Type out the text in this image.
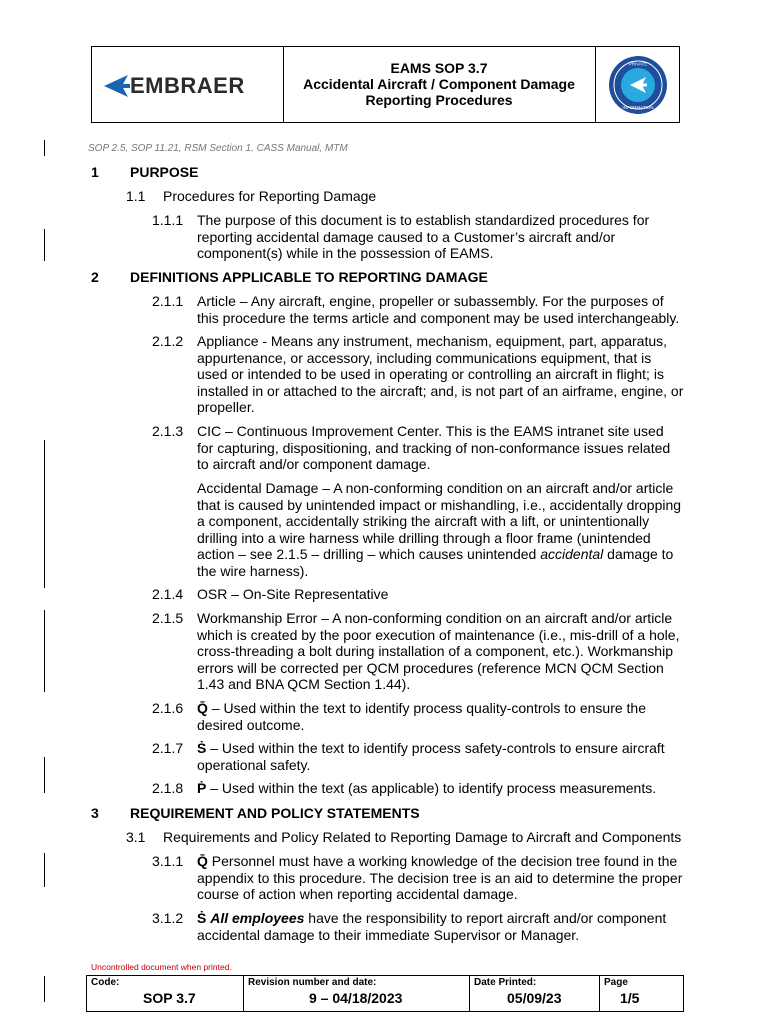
EMBRAER
EAMS SOP 3.7
Accidental Aircraft / Component Damage
Reporting Procedures
PRIVATE
INFORMATION
SOP 2.5, SOP 11.21, RSM Section 1, CASS Manual, MTM
1 PURPOSE
1.1 Procedures for Reporting Damage
1.1.1 The purpose of this document is to establish standardized procedures for
reporting accidental damage caused to a Customer’s aircraft and/or
component(s) while in the possession of EAMS.
2 DEFINITIONS APPLICABLE TO REPORTING DAMAGE
2.1.1 Article – Any aircraft, engine, propeller or subassembly. For the purposes of
this procedure the terms article and component may be used interchangeably.
2.1.2 Appliance - Means any instrument, mechanism, equipment, part, apparatus,
appurtenance, or accessory, including communications equipment, that is
used or intended to be used in operating or controlling an aircraft in flight; is
installed in or attached to the aircraft; and, is not part of an airframe, engine, or
propeller.
2.1.3 CIC – Continuous Improvement Center. This is the EAMS intranet site used
for capturing, dispositioning, and tracking of non-conformance issues related
to aircraft and/or component damage.
Accidental Damage – A non-conforming condition on an aircraft and/or article
that is caused by unintended impact or mishandling, i.e., accidentally dropping
a component, accidentally striking the aircraft with a lift, or unintentionally
drilling into a wire harness while drilling through a floor frame (unintended
action – see 2.1.5 – drilling – which causes unintended accidental damage to
the wire harness).
2.1.4 OSR – On-Site Representative
2.1.5 Workmanship Error – A non-conforming condition on an aircraft and/or article
which is created by the poor execution of maintenance (i.e., mis-drill of a hole,
cross-threading a bolt during installation of a component, etc.). Workmanship
errors will be corrected per QCM procedures (reference MCN QCM Section
1.43 and BNA QCM Section 1.44).
2.1.6 Q̄ – Used within the text to identify process quality-controls to ensure the
desired outcome.
2.1.7 Ṡ – Used within the text to identify process safety-controls to ensure aircraft
operational safety.
2.1.8 Ṗ – Used within the text (as applicable) to identify process measurements.
3 REQUIREMENT AND POLICY STATEMENTS
3.1 Requirements and Policy Related to Reporting Damage to Aircraft and Components
3.1.1 Q̄ Personnel must have a working knowledge of the decision tree found in the
appendix to this procedure. The decision tree is an aid to determine the proper
course of action when reporting accidental damage.
3.1.2 Ṡ All employees have the responsibility to report aircraft and/or component
accidental damage to their immediate Supervisor or Manager.
Uncontrolled document when printed.
Code:
SOP 3.7
Revision number and date:
9 – 04/18/2023
Date Printed:
05/09/23
Page
1/5
